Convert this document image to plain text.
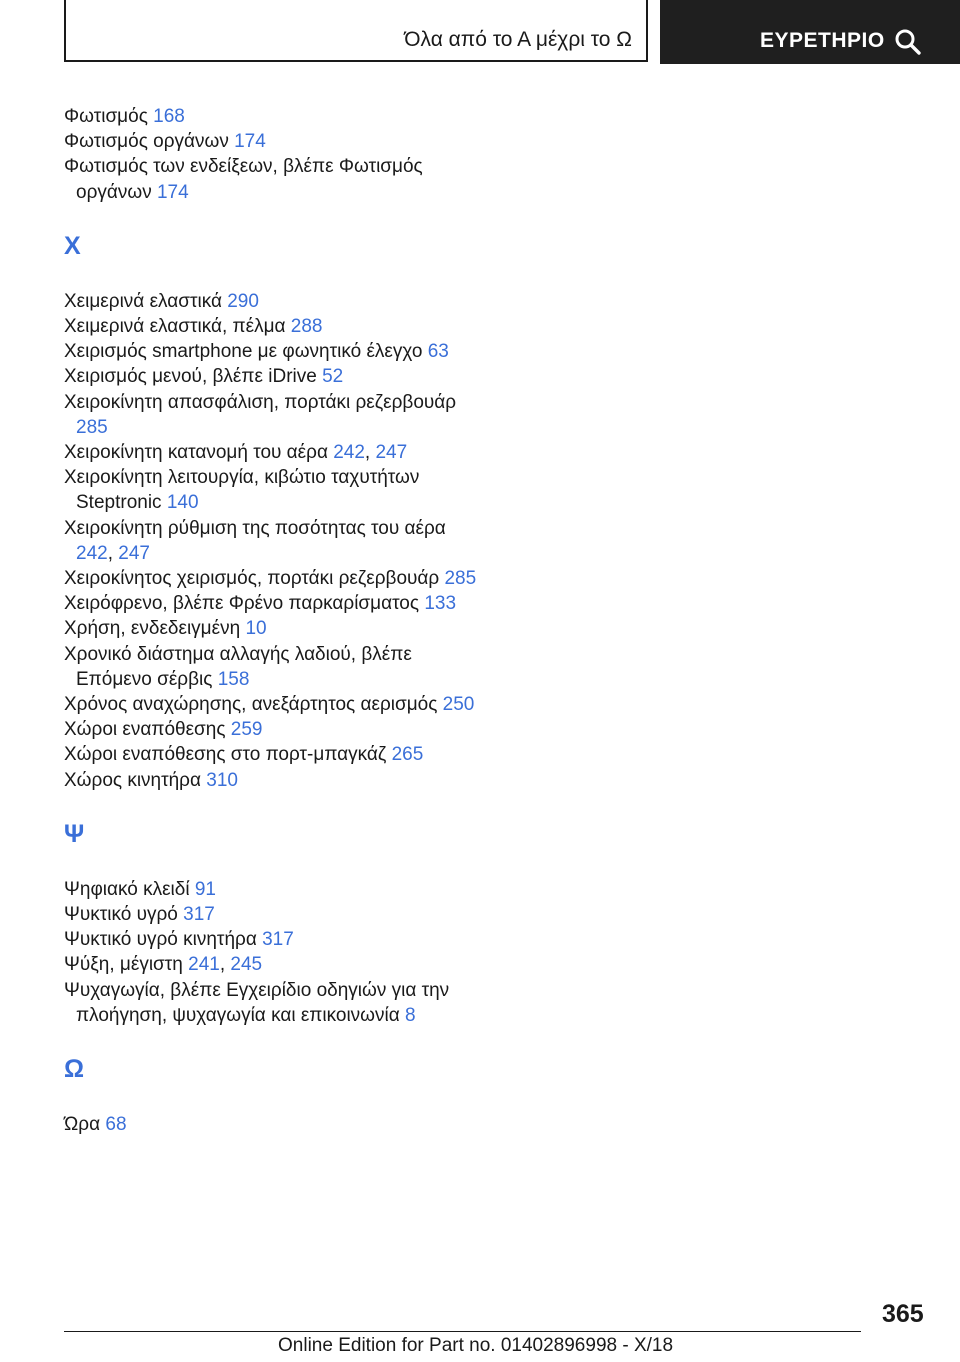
Όλα από το Α μέχρι το Ω	ΕΥΡΕΤΗΡΙΟ
Φωτισμός 168
Φωτισμός οργάνων 174
Φωτισμός των ενδείξεων, βλέπε Φωτισμός οργάνων 174
Χ
Χειμερινά ελαστικά 290
Χειμερινά ελαστικά, πέλμα 288
Χειρισμός smartphone με φωνητικό έλεγχο 63
Χειρισμός μενού, βλέπε iDrive 52
Χειροκίνητη απασφάλιση, πορτάκι ρεζερβουάρ 285
Χειροκίνητη κατανομή του αέρα 242, 247
Χειροκίνητη λειτουργία, κιβώτιο ταχυτήτων Steptronic 140
Χειροκίνητη ρύθμιση της ποσότητας του αέρα 242, 247
Χειροκίνητος χειρισμός, πορτάκι ρεζερβουάρ 285
Χειρόφρενο, βλέπε Φρένο παρκαρίσματος 133
Χρήση, ενδεδειγμένη 10
Χρονικό διάστημα αλλαγής λαδιού, βλέπε Επόμενο σέρβις 158
Χρόνος αναχώρησης, ανεξάρτητος αερισμός 250
Χώροι εναπόθεσης 259
Χώροι εναπόθεσης στο πορτ-μπαγκάζ 265
Χώρος κινητήρα 310
Ψ
Ψηφιακό κλειδί 91
Ψυκτικό υγρό 317
Ψυκτικό υγρό κινητήρα 317
Ψύξη, μέγιστη 241, 245
Ψυχαγωγία, βλέπε Εγχειρίδιο οδηγιών για την πλοήγηση, ψυχαγωγία και επικοινωνία 8
Ω
Ώρα 68
365
Online Edition for Part no. 01402896998 - X/18
